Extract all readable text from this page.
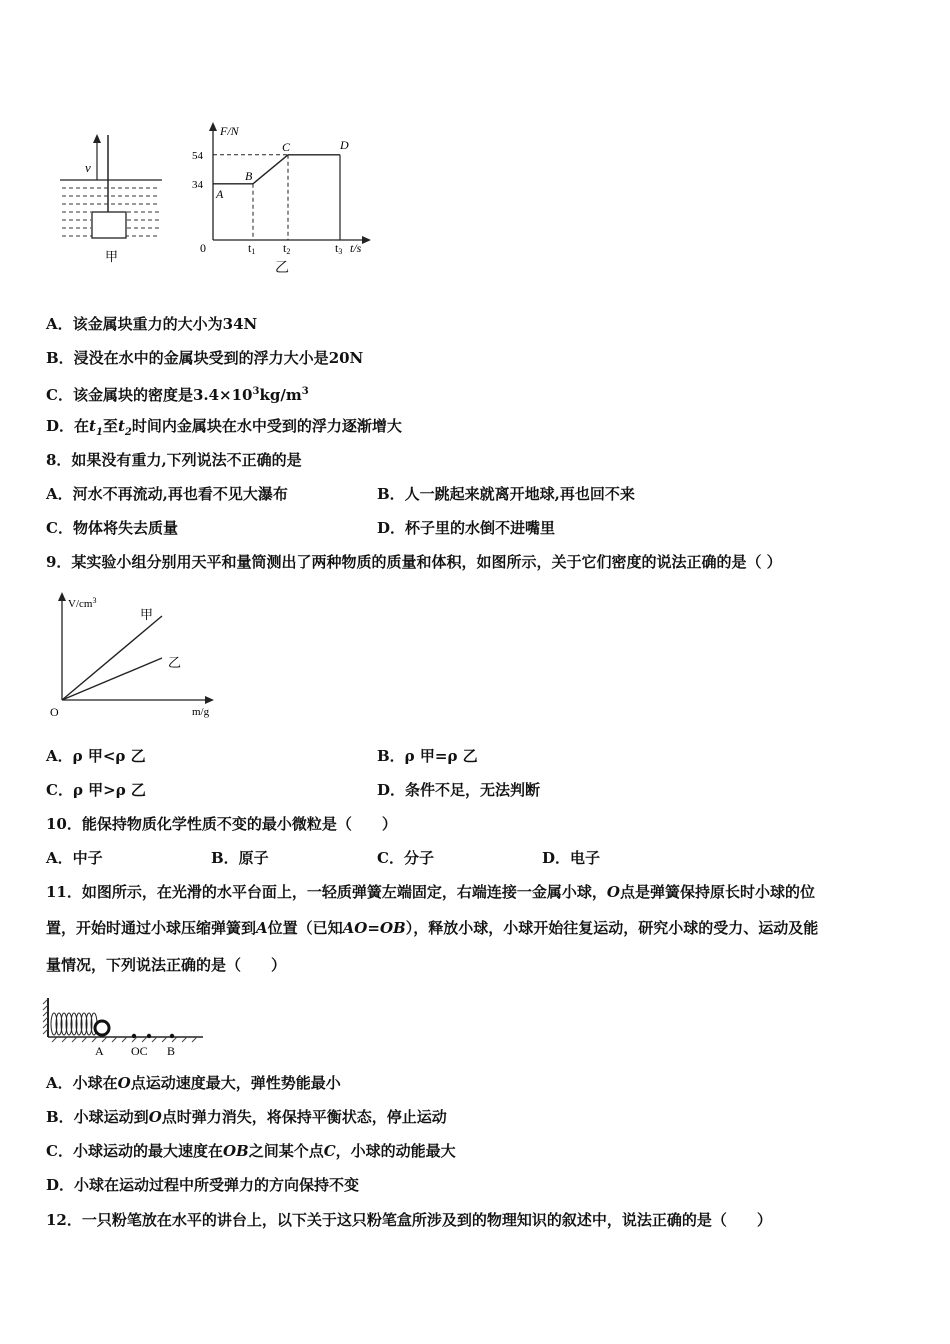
v
甲
A
B
C	D
54
34
t1 t2	t3
F/N
0	t/s
乙
A．该金属块重力的大小为34N
B．浸没在水中的金属块受到的浮力大小是20N
C．该金属块的密度是$3.4\times 10^3kg/m^3$
D．在$t_1$至$t_2$时间内金属块在水中受到的浮力逐渐增大
8．如果没有重力,下列说法不正确的是
A．河水不再流动,再也看不见大瀑布	B．人一跳起来就离开地球,再也回不来
C．物体将失去质量	D．杯子里的水倒不进嘴里
9．某实验小组分别用天平和量筒测出了两种物质的质量和体积，如图所示，关于它们密度的说法正确的是（ ）
$V/cm^3$
O	m/g
甲
乙
A．ρ 甲<ρ 乙	B．ρ 甲=ρ 乙
C．ρ 甲>ρ 乙	D．条件不足，无法判断
10．能保持物质化学性质不变的最小微粒是（　　）
A．中子	B．原子	C．分子	D．电子
11．如图所示，在光滑的水平台面上，一轻质弹簧左端固定，右端连接一金属小球，O点是弹簧保持原长时小球的位
置，开始时通过小球压缩弹簧到A位置（已知AO=OB），释放小球，小球开始往复运动，研究小球的受力、运动及能
量情况，下列说法正确的是（　　）
A OC B
A．小球在O点运动速度最大，弹性势能最小
B．小球运动到O点时弹力消失，将保持平衡状态，停止运动
C．小球运动的最大速度在OB之间某个点C，小球的动能最大
D．小球在运动过程中所受弹力的方向保持不变
12．一只粉笔放在水平的讲台上，以下关于这只粉笔盒所涉及到的物理知识的叙述中，说法正确的是（　　）
